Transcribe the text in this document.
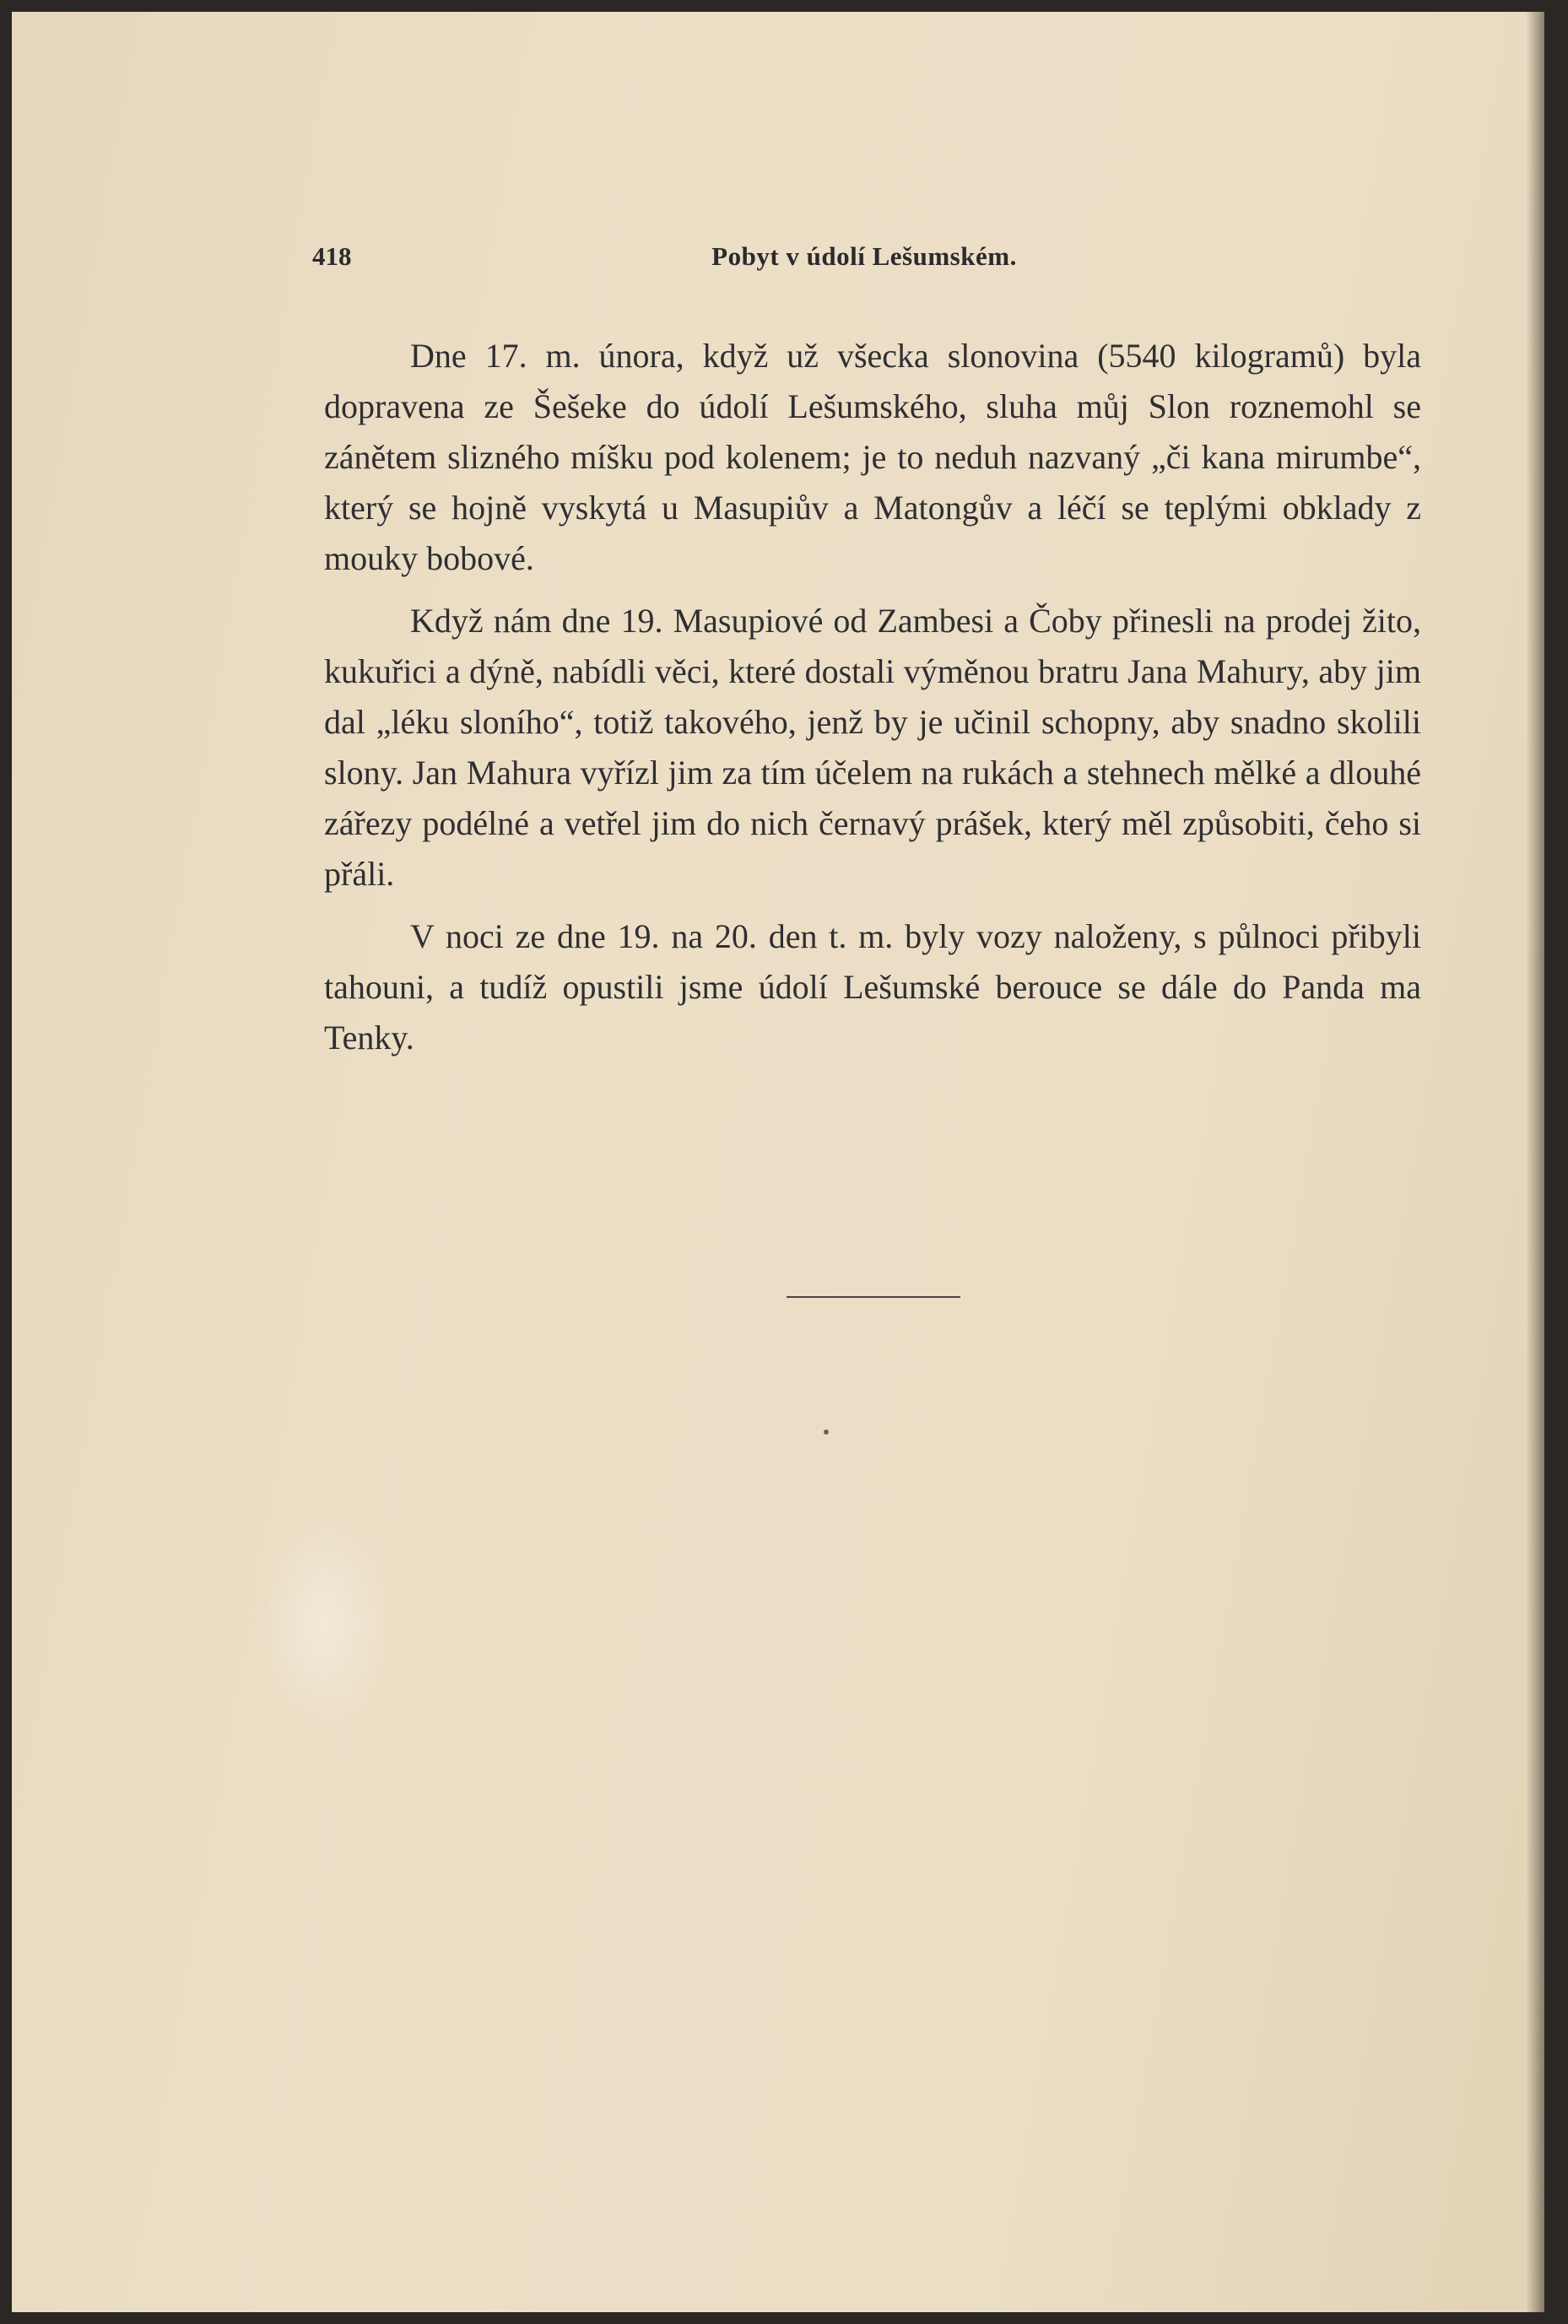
418	Pobyt v údolí Lešumském.

Dne 17. m. února, když už všecka slonovina (5540 kilogramů) byla dopravena ze Šešeke do údolí Lešumského, sluha můj Slon roznemohl se zánětem slizného míšku pod kolenem; je to neduh nazvaný „či kana mirumbe“, který se hojně vyskytá u Masupiův a Matongův a léčí se teplými obklady z mouky bobové.

Když nám dne 19. Masupiové od Zambesi a Čoby přinesli na prodej žito, kukuřici a dýně, nabídli věci, které dostali výměnou bratru Jana Mahury, aby jim dal „léku sloního“, totiž takového, jenž by je učinil schopny, aby snadno skolili slony. Jan Mahura vyřízl jim za tím účelem na rukách a stehnech mělké a dlouhé zářezy podélné a vetřel jim do nich černavý prášek, který měl způsobiti, čeho si přáli.

V noci ze dne 19. na 20. den t. m. byly vozy naloženy, s půlnoci přibyli tahouni, a tudíž opustili jsme údolí Lešumské berouce se dále do Panda ma Tenky.
